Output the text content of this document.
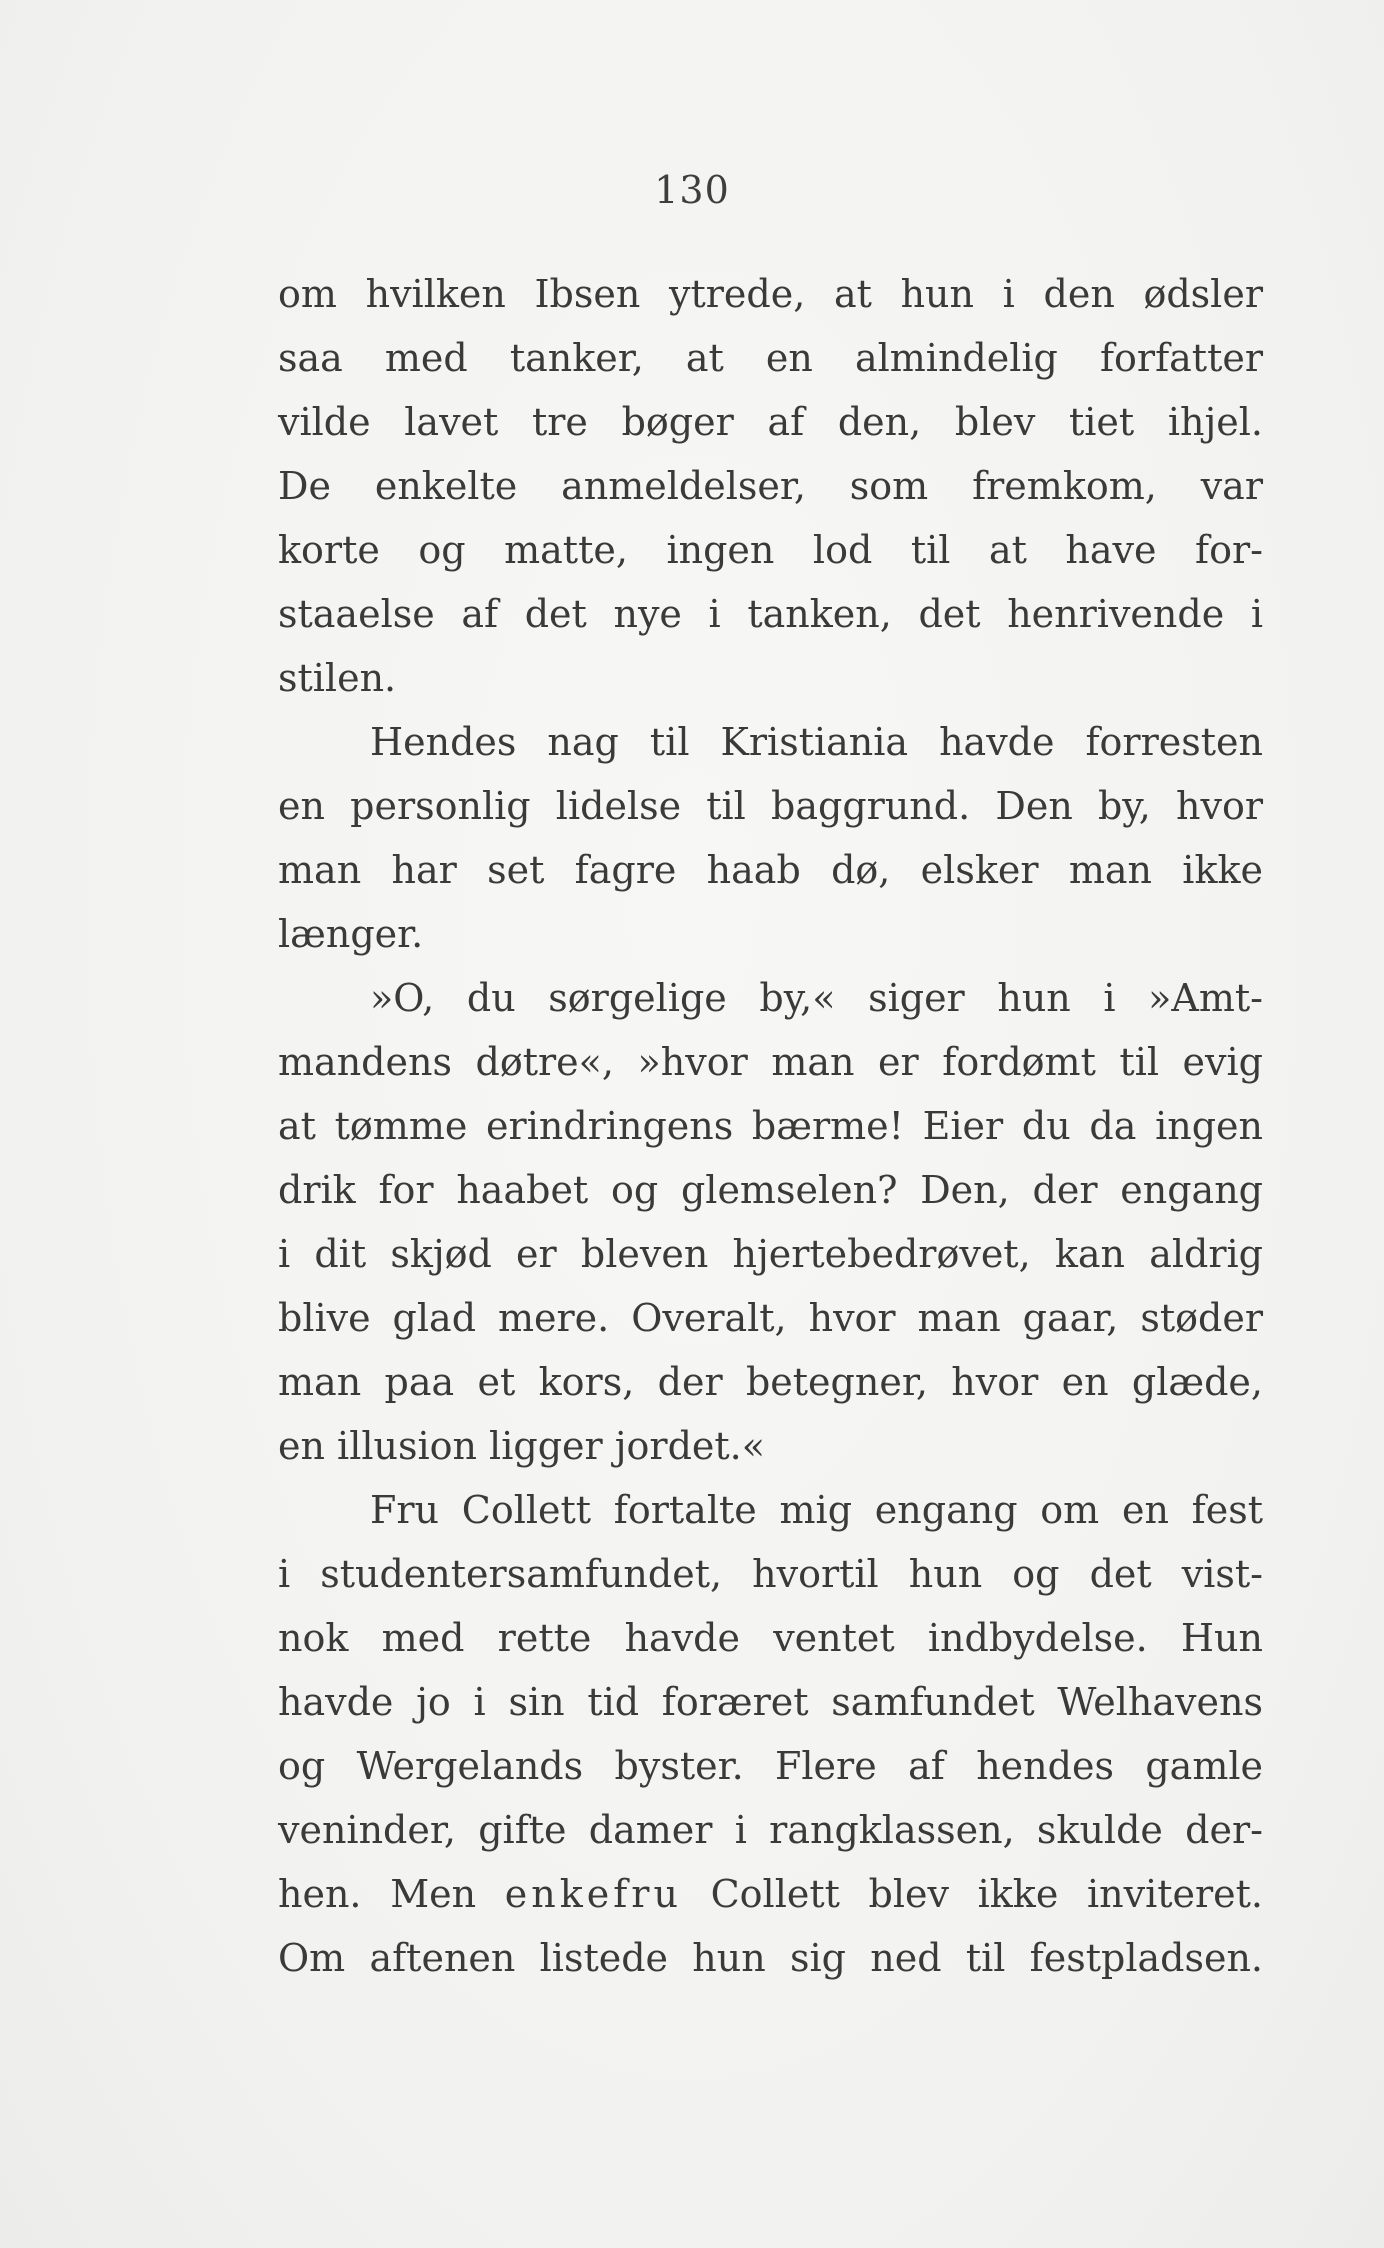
130
om hvilken Ibsen ytrede, at hun i den ødsler
saa med tanker, at en almindelig forfatter
vilde lavet tre bøger af den, blev tiet ihjel.
De enkelte anmeldelser, som fremkom, var
korte og matte, ingen lod til at have for-
staaelse af det nye i tanken, det henrivende i
stilen.
Hendes nag til Kristiania havde forresten
en personlig lidelse til baggrund. Den by, hvor
man har set fagre haab dø, elsker man ikke
længer.
»O, du sørgelige by,« siger hun i »Amt-
mandens døtre«, »hvor man er fordømt til evig
at tømme erindringens bærme! Eier du da ingen
drik for haabet og glemselen? Den, der engang
i dit skjød er bleven hjertebedrøvet, kan aldrig
blive glad mere. Overalt, hvor man gaar, støder
man paa et kors, der betegner, hvor en glæde,
en illusion ligger jordet.«
Fru Collett fortalte mig engang om en fest
i studentersamfundet, hvortil hun og det vist-
nok med rette havde ventet indbydelse. Hun
havde jo i sin tid foræret samfundet Welhavens
og Wergelands byster. Flere af hendes gamle
veninder, gifte damer i rangklassen, skulde der-
hen. Men enkefru Collett blev ikke inviteret.
Om aftenen listede hun sig ned til festpladsen.
